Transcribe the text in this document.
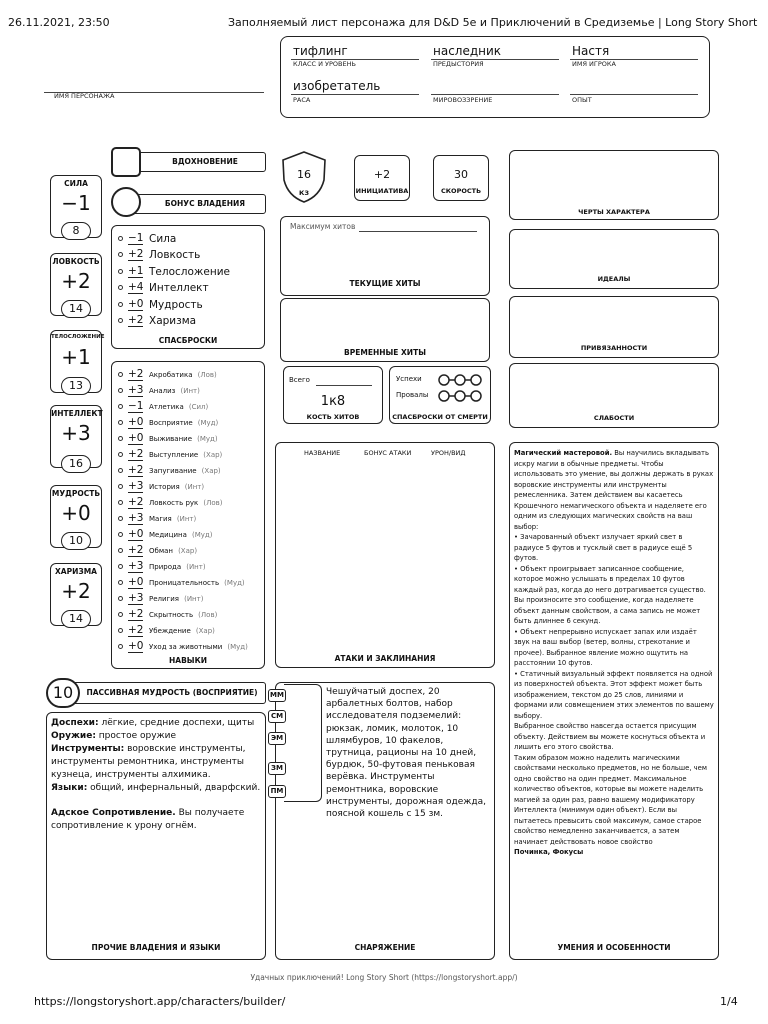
26.11.2021, 23:50	Заполняемый лист персонажа для D&D 5e и Приключений в Средиземье | Long Story Short
https://longstoryshort.app/characters/builder/	1/4
ИМЯ ПЕРСОНАЖА
тифлинг
КЛАСС И УРОВЕНЬ
наследник
ПРЕДЫСТОРИЯ
Настя
ИМЯ ИГРОКА
изобретатель
РАСА	МИРОВОЗЗРЕНИЕ	ОПЫТ
СИЛА
−1
8
ЛОВКОСТЬ
+2
14
ТЕЛОСЛОЖЕНИЕ
+1
13
ИНТЕЛЛЕКТ
+3
16
МУДРОСТЬ
+0
10
ХАРИЗМА
+2
14
ВДОХНОВЕНИЕ
БОНУС ВЛАДЕНИЯ
−1 Сила
+2 Ловкость
+1 Телосложение
+4 Интеллект
+0 Мудрость
+2 Харизма
СПАСБРОСКИ
+2 Акробатика
(Лов)
+3 Анализ
(Инт)
−1 Атлетика
(Сил)
+0 Восприятие
(Муд)
+0 Выживание
(Муд)
+2 Выступление
(Хар)
+2 Запугивание
(Хар)
+3 История
(Инт)
+2 Ловкость рук
(Лов)
+3 Магия
(Инт)
+0 Медицина
(Муд)
+2 Обман
(Хар)
+3 Природа
(Инт)
+0 Проницательность
(Муд)
+3 Религия
(Инт)
+2 Скрытность
(Лов)
+2 Убеждение
(Хар)
+0 Уход за животными
(Муд)
НАВЫКИ
ПАССИВНАЯ МУДРОСТЬ (ВОСПРИЯТИЕ)
10
Доспехи: лёгкие, средние доспехи, щиты
Оружие: простое оружие
Инструменты: воровские инструменты, инструменты ремонтника, инструменты кузнеца, инструменты алхимика.
Языки: общий, инфернальный, дварфский.
Адское Сопротивление. Вы получаете сопротивление к урону огнём.
ПРОЧИЕ ВЛАДЕНИЯ И ЯЗЫКИ
16
КЗ
+2
ИНИЦИАТИВА
30
СКОРОСТЬ
Максимум хитов
ТЕКУЩИЕ ХИТЫ
ВРЕМЕННЫЕ ХИТЫ
Всего
1к8
КОСТЬ ХИТОВ
Успехи
Провалы
СПАСБРОСКИ ОТ СМЕРТИ
НАЗВАНИЕ	БОНУС АТАКИ	УРОН/ВИД
АТАКИ И ЗАКЛИНАНИЯ
СНАРЯЖЕНИЕ
ММ
СМ
ЭМ
ЗМ
ПМ
Чешуйчатый доспех, 20 арбалетных болтов, набор исследователя подземелий: рюкзак, ломик, молоток, 10 шлямбуров, 10 факелов, трутница, рационы на 10 дней, бурдюк, 50-футовая пеньковая верёвка. Инструменты ремонтника, воровские инструменты, дорожная одежда, поясной кошель с 15 зм.
ЧЕРТЫ ХАРАКТЕРА
ИДЕАЛЫ
ПРИВЯЗАННОСТИ
СЛАБОСТИ

Магический мастеровой. Вы научились вкладывать искру магии в обычные предметы. Чтобы использовать это умение, вы должны держать в руках воровские инструменты или инструменты ремесленника. Затем действием вы касаетесь Крошечного немагического объекта и наделяете его одним из следующих магических свойств на ваш выбор:

• Зачарованный объект излучает яркий свет в радиусе 5 футов и тусклый свет в радиусе ещё 5 футов.

• Объект проигрывает записанное сообщение, которое можно услышать в пределах 10 футов каждый раз, когда до него дотрагивается существо. Вы произносите это сообщение, когда наделяете объект данным свойством, а сама запись не может быть длиннее 6 секунд.

• Объект непрерывно испускает запах или издаёт звук на ваш выбор (ветер, волны, стрекотание и прочее). Выбранное явление можно ощутить на расстоянии 10 футов.

• Статичный визуальный эффект появляется на одной из поверхностей объекта. Этот эффект может быть изображением, текстом до 25 слов, линиями и формами или совмещением этих элементов по вашему выбору.

Выбранное свойство навсегда остается присущим объекту. Действием вы можете коснуться объекта и лишить его этого свойства.

Таким образом можно наделить магическими свойствами несколько предметов, но не больше, чем одно свойство на один предмет. Максимальное количество объектов, которые вы можете наделить магией за один раз, равно вашему модификатору Интеллекта (минимум один объект). Если вы пытаетесь превысить свой максимум, самое старое свойство немедленно заканчивается, а затем начинает действовать новое свойство

Починка, Фокусы

УМЕНИЯ И ОСОБЕННОСТИ
Удачных приключений! Long Story Short (https://longstoryshort.app/)
